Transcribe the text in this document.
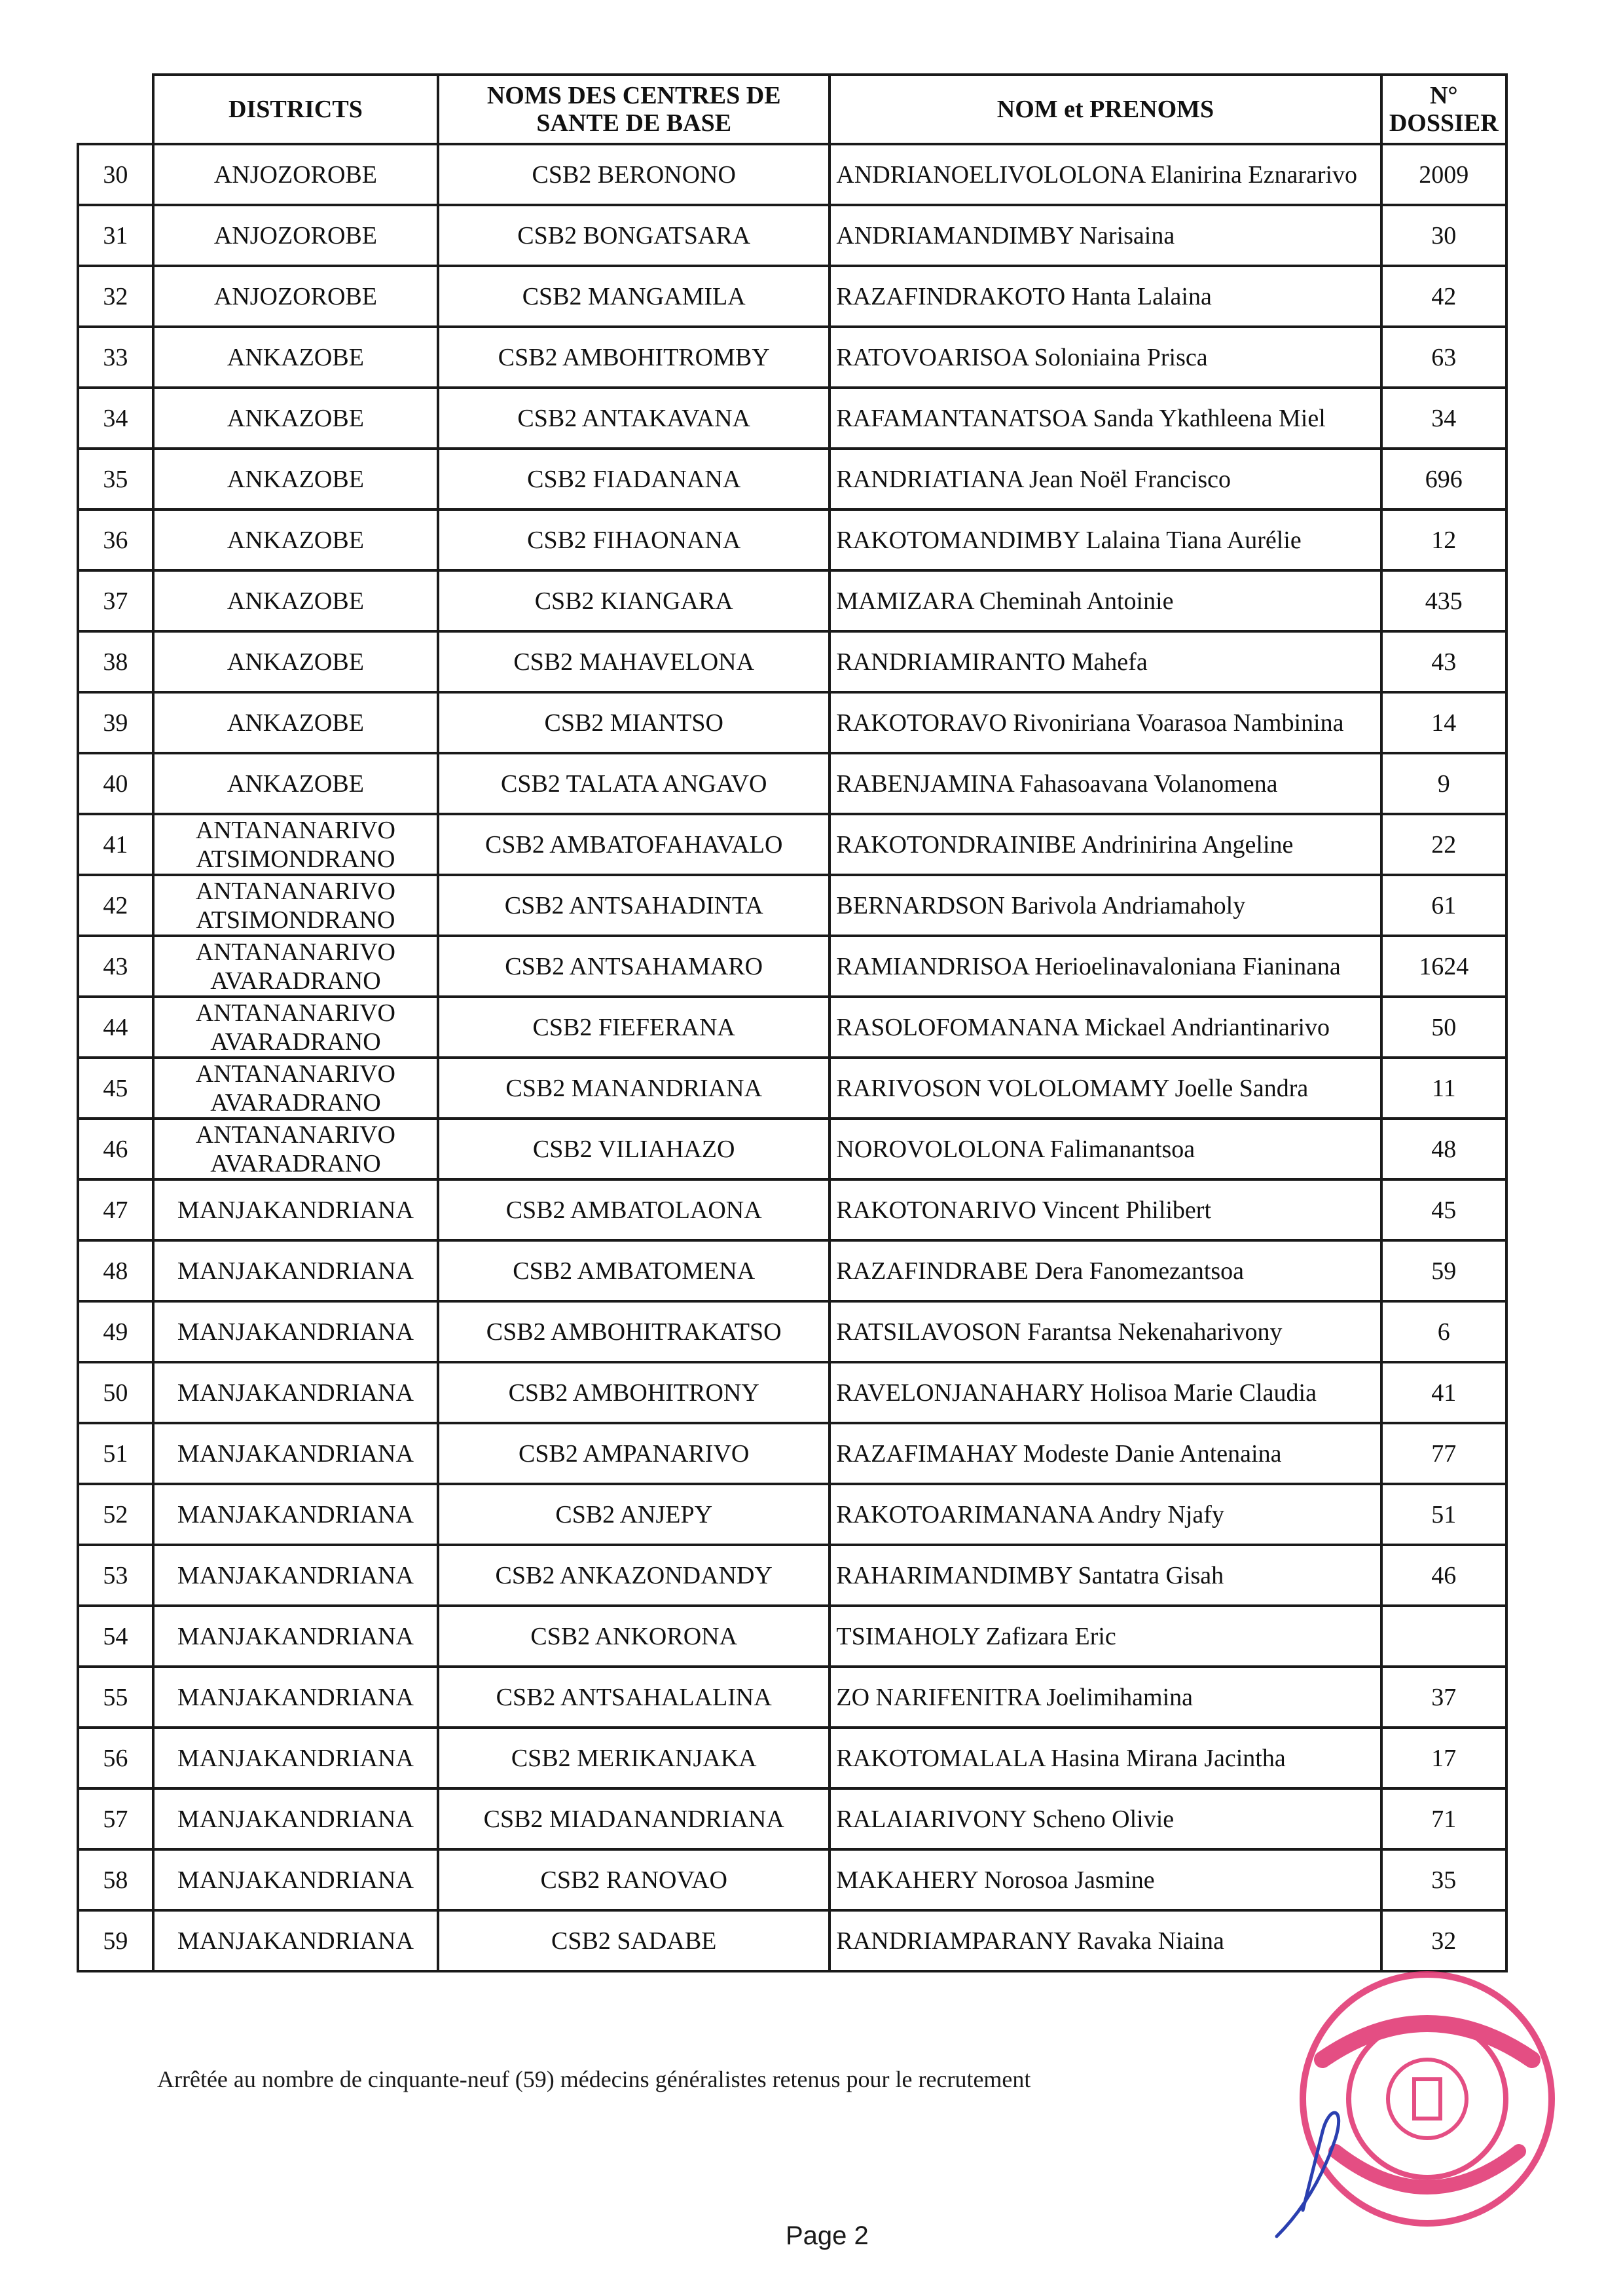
	DISTRICTS	NOMS DES CENTRES DE SANTE DE BASE	NOM et PRENOMS	N° DOSSIER
30	ANJOZOROBE	CSB2 BERONONO	ANDRIANOELIVOLOLONA Elanirina Eznararivo	2009
31	ANJOZOROBE	CSB2 BONGATSARA	ANDRIAMANDIMBY Narisaina	30
32	ANJOZOROBE	CSB2 MANGAMILA	RAZAFINDRAKOTO Hanta Lalaina	42
33	ANKAZOBE	CSB2 AMBOHITROMBY	RATOVOARISOA Soloniaina Prisca	63
34	ANKAZOBE	CSB2 ANTAKAVANA	RAFAMANTANATSOA Sanda Ykathleena Miel	34
35	ANKAZOBE	CSB2 FIADANANA	RANDRIATIANA Jean Noël Francisco	696
36	ANKAZOBE	CSB2 FIHAONANA	RAKOTOMANDIMBY Lalaina Tiana Aurélie	12
37	ANKAZOBE	CSB2 KIANGARA	MAMIZARA Cheminah Antoinie	435
38	ANKAZOBE	CSB2 MAHAVELONA	RANDRIAMIRANTO Mahefa	43
39	ANKAZOBE	CSB2 MIANTSO	RAKOTORAVO Rivoniriana Voarasoa Nambinina	14
40	ANKAZOBE	CSB2 TALATA ANGAVO	RABENJAMINA Fahasoavana Volanomena	9
41	ANTANANARIVO ATSIMONDRANO	CSB2 AMBATOFAHAVALO	RAKOTONDRAINIBE Andrinirina Angeline	22
42	ANTANANARIVO ATSIMONDRANO	CSB2 ANTSAHADINTA	BERNARDSON Barivola Andriamaholy	61
43	ANTANANARIVO AVARADRANO	CSB2 ANTSAHAMARO	RAMIANDRISOA Herioelinavaloniana Fianinana	1624
44	ANTANANARIVO AVARADRANO	CSB2 FIEFERANA	RASOLOFOMANANA Mickael Andriantinarivo	50
45	ANTANANARIVO AVARADRANO	CSB2 MANANDRIANA	RARIVOSON VOLOLOMAMY Joelle Sandra	11
46	ANTANANARIVO AVARADRANO	CSB2 VILIAHAZO	NOROVOLOLONA Falimanantsoa	48
47	MANJAKANDRIANA	CSB2 AMBATOLAONA	RAKOTONARIVO Vincent Philibert	45
48	MANJAKANDRIANA	CSB2 AMBATOMENA	RAZAFINDRABE Dera Fanomezantsoa	59
49	MANJAKANDRIANA	CSB2 AMBOHITRAKATSO	RATSILAVOSON Farantsa Nekenaharivony	6
50	MANJAKANDRIANA	CSB2 AMBOHITRONY	RAVELONJANAHARY Holisoa Marie Claudia	41
51	MANJAKANDRIANA	CSB2 AMPANARIVO	RAZAFIMAHAY Modeste Danie Antenaina	77
52	MANJAKANDRIANA	CSB2 ANJEPY	RAKOTOARIMANANA Andry Njafy	51
53	MANJAKANDRIANA	CSB2 ANKAZONDANDY	RAHARIMANDIMBY Santatra Gisah	46
54	MANJAKANDRIANA	CSB2 ANKORONA	TSIMAHOLY Zafizara Eric	
55	MANJAKANDRIANA	CSB2 ANTSAHALALINA	ZO NARIFENITRA Joelimihamina	37
56	MANJAKANDRIANA	CSB2 MERIKANJAKA	RAKOTOMALALA Hasina Mirana Jacintha	17
57	MANJAKANDRIANA	CSB2 MIADANANDRIANA	RALAIARIVONY Scheno Olivie	71
58	MANJAKANDRIANA	CSB2 RANOVAO	MAKAHERY Norosoa Jasmine	35
59	MANJAKANDRIANA	CSB2 SADABE	RANDRIAMPARANY Ravaka Niaina	32
Arrêtée au nombre de cinquante-neuf (59) médecins généralistes retenus pour le recrutement
Page 2
